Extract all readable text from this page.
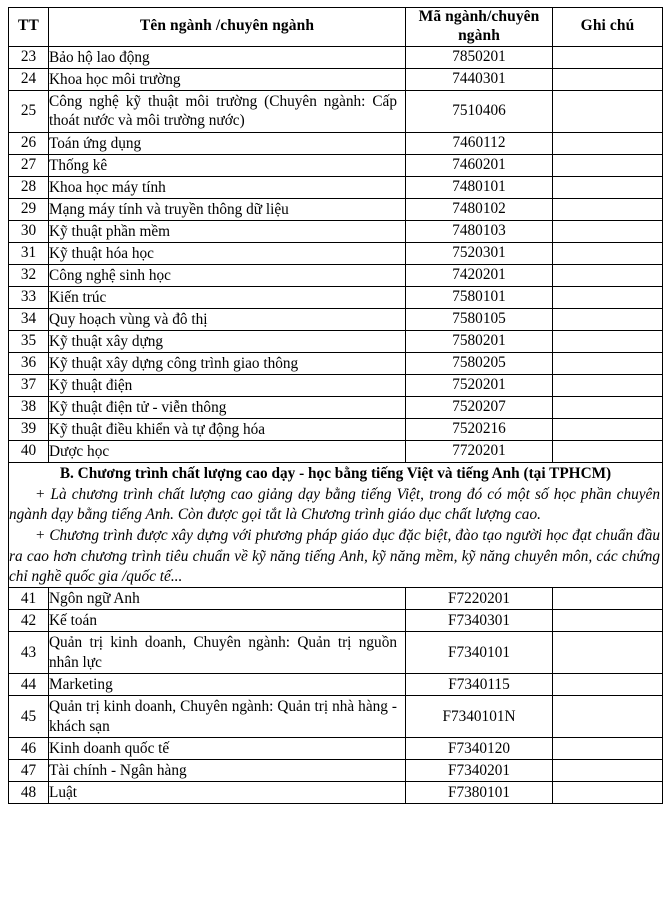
TT	Tên ngành /chuyên ngành	Mã ngành/chuyên ngành	Ghi chú
23	Bảo hộ lao động	7850201	
24	Khoa học môi trường	7440301	
25	Công nghệ kỹ thuật môi trường (Chuyên ngành: Cấp thoát nước và môi trường nước)	7510406	
26	Toán ứng dụng	7460112	
27	Thống kê	7460201	
28	Khoa học máy tính	7480101	
29	Mạng máy tính và truyền thông dữ liệu	7480102	
30	Kỹ thuật phần mềm	7480103	
31	Kỹ thuật hóa học	7520301	
32	Công nghệ sinh học	7420201	
33	Kiến trúc	7580101	
34	Quy hoạch vùng và đô thị	7580105	
35	Kỹ thuật xây dựng	7580201	
36	Kỹ thuật xây dựng công trình giao thông	7580205	
37	Kỹ thuật điện	7520201	
38	Kỹ thuật điện tử - viễn thông	7520207	
39	Kỹ thuật điều khiển và tự động hóa	7520216	
40	Dược học	7720201	

B. Chương trình chất lượng cao dạy - học bằng tiếng Việt và tiếng Anh (tại TPHCM)
+ Là chương trình chất lượng cao giảng dạy bằng tiếng Việt, trong đó có một số học phần chuyên ngành dạy bằng tiếng Anh. Còn được gọi tắt là Chương trình giáo dục chất lượng cao.
+ Chương trình được xây dựng với phương pháp giáo dục đặc biệt, đào tạo người học đạt chuẩn đầu ra cao hơn chương trình tiêu chuẩn về kỹ năng tiếng Anh, kỹ năng mềm, kỹ năng chuyên môn, các chứng chỉ nghề quốc gia /quốc tế...			

41	Ngôn ngữ Anh	F7220201	
42	Kế toán	F7340301	
43	Quản trị kinh doanh, Chuyên ngành: Quản trị nguồn nhân lực	F7340101	
44	Marketing	F7340115	
45	Quản trị kinh doanh, Chuyên ngành: Quản trị nhà hàng - khách sạn	F7340101N	
46	Kinh doanh quốc tế	F7340120	
47	Tài chính - Ngân hàng	F7340201	
48	Luật	F7380101	
